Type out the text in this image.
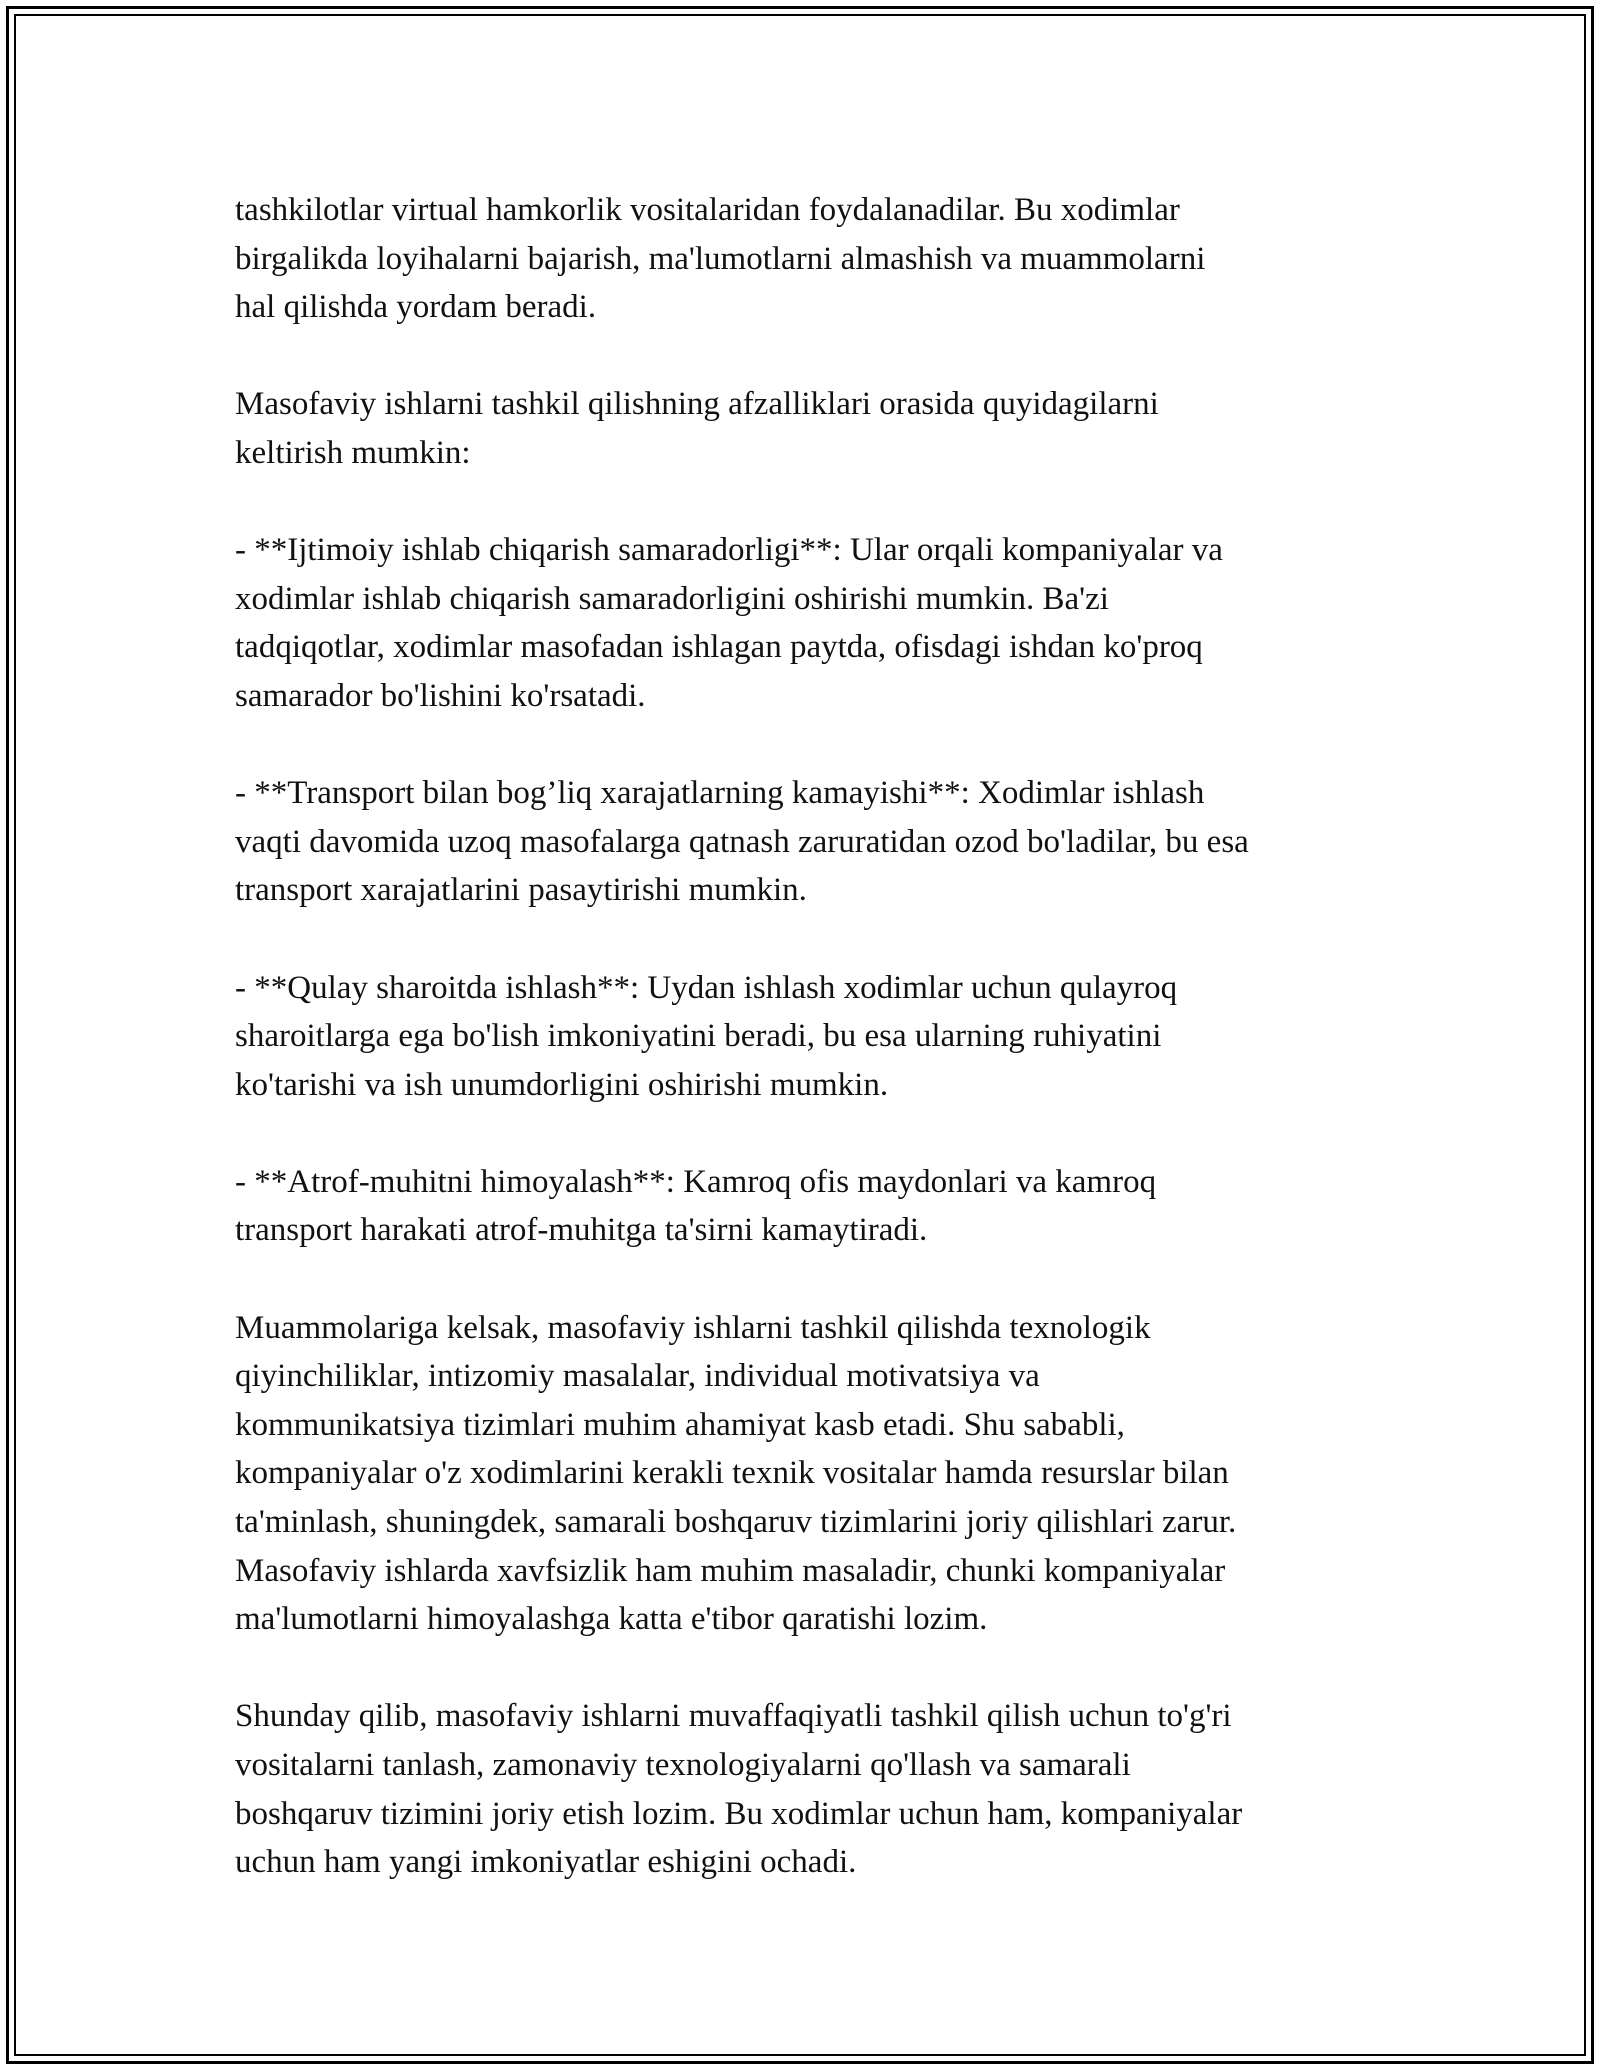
tashkilotlar virtual hamkorlik vositalaridan foydalanadilar. Bu xodimlar
birgalikda loyihalarni bajarish, ma'lumotlarni almashish va muammolarni
hal qilishda yordam beradi.

Masofaviy ishlarni tashkil qilishning afzalliklari orasida quyidagilarni
keltirish mumkin:

- **Ijtimoiy ishlab chiqarish samaradorligi**: Ular orqali kompaniyalar va
xodimlar ishlab chiqarish samaradorligini oshirishi mumkin. Ba'zi
tadqiqotlar, xodimlar masofadan ishlagan paytda, ofisdagi ishdan ko'proq
samarador bo'lishini ko'rsatadi.

- **Transport bilan bog’liq xarajatlarning kamayishi**: Xodimlar ishlash
vaqti davomida uzoq masofalarga qatnash zaruratidan ozod bo'ladilar, bu esa
transport xarajatlarini pasaytirishi mumkin.

- **Qulay sharoitda ishlash**: Uydan ishlash xodimlar uchun qulayroq
sharoitlarga ega bo'lish imkoniyatini beradi, bu esa ularning ruhiyatini
ko'tarishi va ish unumdorligini oshirishi mumkin.

- **Atrof-muhitni himoyalash**: Kamroq ofis maydonlari va kamroq
transport harakati atrof-muhitga ta'sirni kamaytiradi.

Muammolariga kelsak, masofaviy ishlarni tashkil qilishda texnologik
qiyinchiliklar, intizomiy masalalar, individual motivatsiya va
kommunikatsiya tizimlari muhim ahamiyat kasb etadi. Shu sababli,
kompaniyalar o'z xodimlarini kerakli texnik vositalar hamda resurslar bilan
ta'minlash, shuningdek, samarali boshqaruv tizimlarini joriy qilishlari zarur.
Masofaviy ishlarda xavfsizlik ham muhim masaladir, chunki kompaniyalar
ma'lumotlarni himoyalashga katta e'tibor qaratishi lozim.

Shunday qilib, masofaviy ishlarni muvaffaqiyatli tashkil qilish uchun to'g'ri
vositalarni tanlash, zamonaviy texnologiyalarni qo'llash va samarali
boshqaruv tizimini joriy etish lozim. Bu xodimlar uchun ham, kompaniyalar
uchun ham yangi imkoniyatlar eshigini ochadi.
